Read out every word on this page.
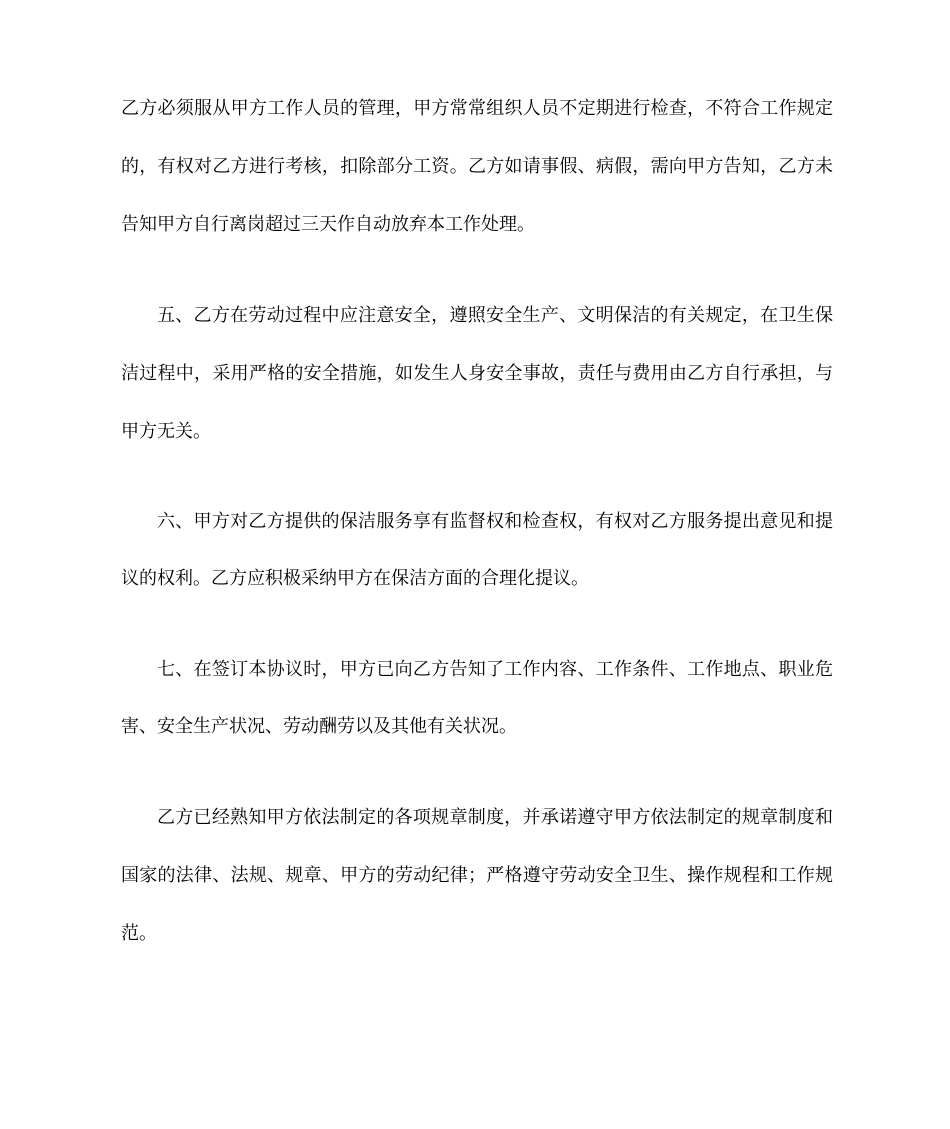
乙方必须服从甲方工作人员的管理，甲方常常组织人员不定期进行检查，不符合工作规定
的，有权对乙方进行考核，扣除部分工资。乙方如请事假、病假，需向甲方告知，乙方未
告知甲方自行离岗超过三天作自动放弃本工作处理。
五、乙方在劳动过程中应注意安全，遵照安全生产、文明保洁的有关规定，在卫生保
洁过程中，采用严格的安全措施，如发生人身安全事故，责任与费用由乙方自行承担，与
甲方无关。
六、甲方对乙方提供的保洁服务享有监督权和检查权，有权对乙方服务提出意见和提
议的权利。乙方应积极采纳甲方在保洁方面的合理化提议。
七、在签订本协议时，甲方已向乙方告知了工作内容、工作条件、工作地点、职业危
害、安全生产状况、劳动酬劳以及其他有关状况。
乙方已经熟知甲方依法制定的各项规章制度，并承诺遵守甲方依法制定的规章制度和
国家的法律、法规、规章、甲方的劳动纪律；严格遵守劳动安全卫生、操作规程和工作规
范。
